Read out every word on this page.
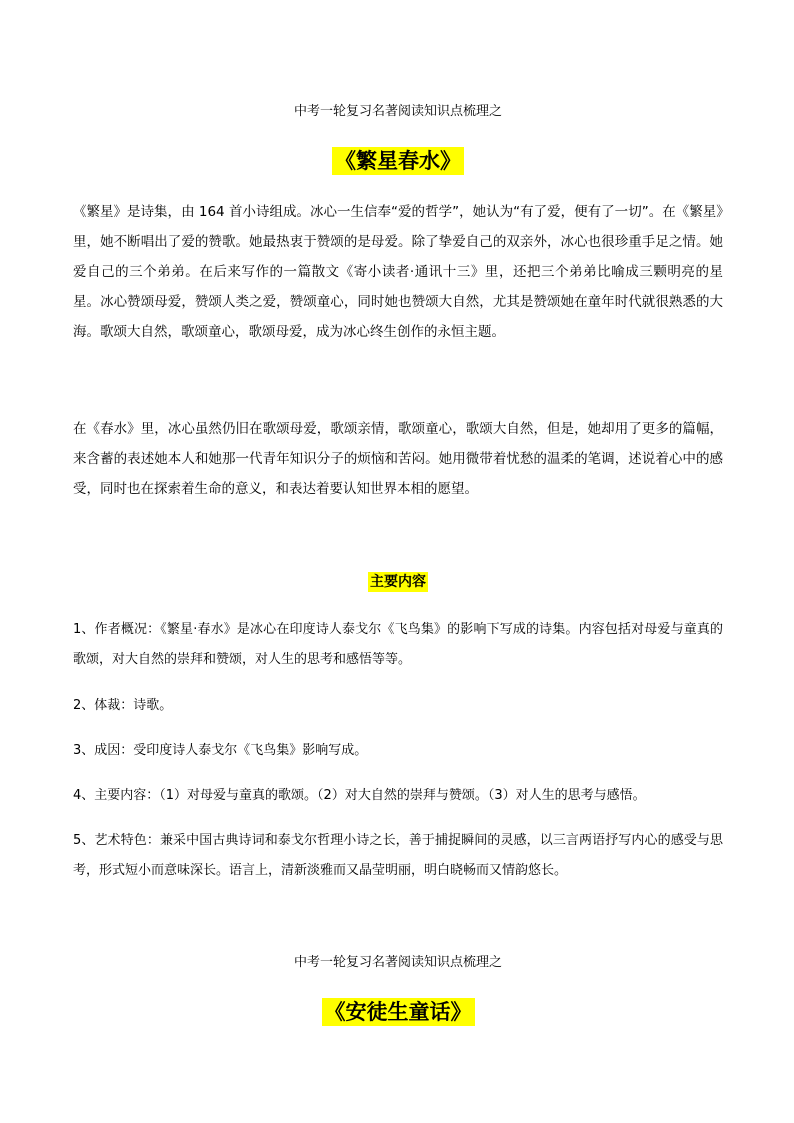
中考一轮复习名著阅读知识点梳理之
《繁星春水》

《繁星》是诗集，由 164 首小诗组成。冰心一生信奉“爱的哲学”，她认为“有了爱，便有了一切”。在《繁星》里，她不断唱出了爱的赞歌。她最热衷于赞颂的是母爱。除了挚爱自己的双亲外，冰心也很珍重手足之情。她爱自己的三个弟弟。在后来写作的一篇散文《寄小读者·通讯十三》里，还把三个弟弟比喻成三颗明亮的星星。冰心赞颂母爱，赞颂人类之爱，赞颂童心，同时她也赞颂大自然，尤其是赞颂她在童年时代就很熟悉的大海。歌颂大自然，歌颂童心，歌颂母爱，成为冰心终生创作的永恒主题。

在《春水》里，冰心虽然仍旧在歌颂母爱，歌颂亲情，歌颂童心，歌颂大自然，但是，她却用了更多的篇幅，来含蓄的表述她本人和她那一代青年知识分子的烦恼和苦闷。她用微带着忧愁的温柔的笔调，述说着心中的感受，同时也在探索着生命的意义，和表达着要认知世界本相的愿望。

主要内容

1、作者概况：《繁星·春水》是冰心在印度诗人泰戈尔《飞鸟集》的影响下写成的诗集。内容包括对母爱与童真的歌颂，对大自然的崇拜和赞颂，对人生的思考和感悟等等。

2、体裁：诗歌。

3、成因：受印度诗人泰戈尔《飞鸟集》影响写成。

4、主要内容：（1）对母爱与童真的歌颂。（2）对大自然的崇拜与赞颂。（3）对人生的思考与感悟。

5、艺术特色：兼采中国古典诗词和泰戈尔哲理小诗之长，善于捕捉瞬间的灵感，以三言两语抒写内心的感受与思考，形式短小而意味深长。语言上，清新淡雅而又晶莹明丽，明白晓畅而又情韵悠长。

中考一轮复习名著阅读知识点梳理之
《安徒生童话》
